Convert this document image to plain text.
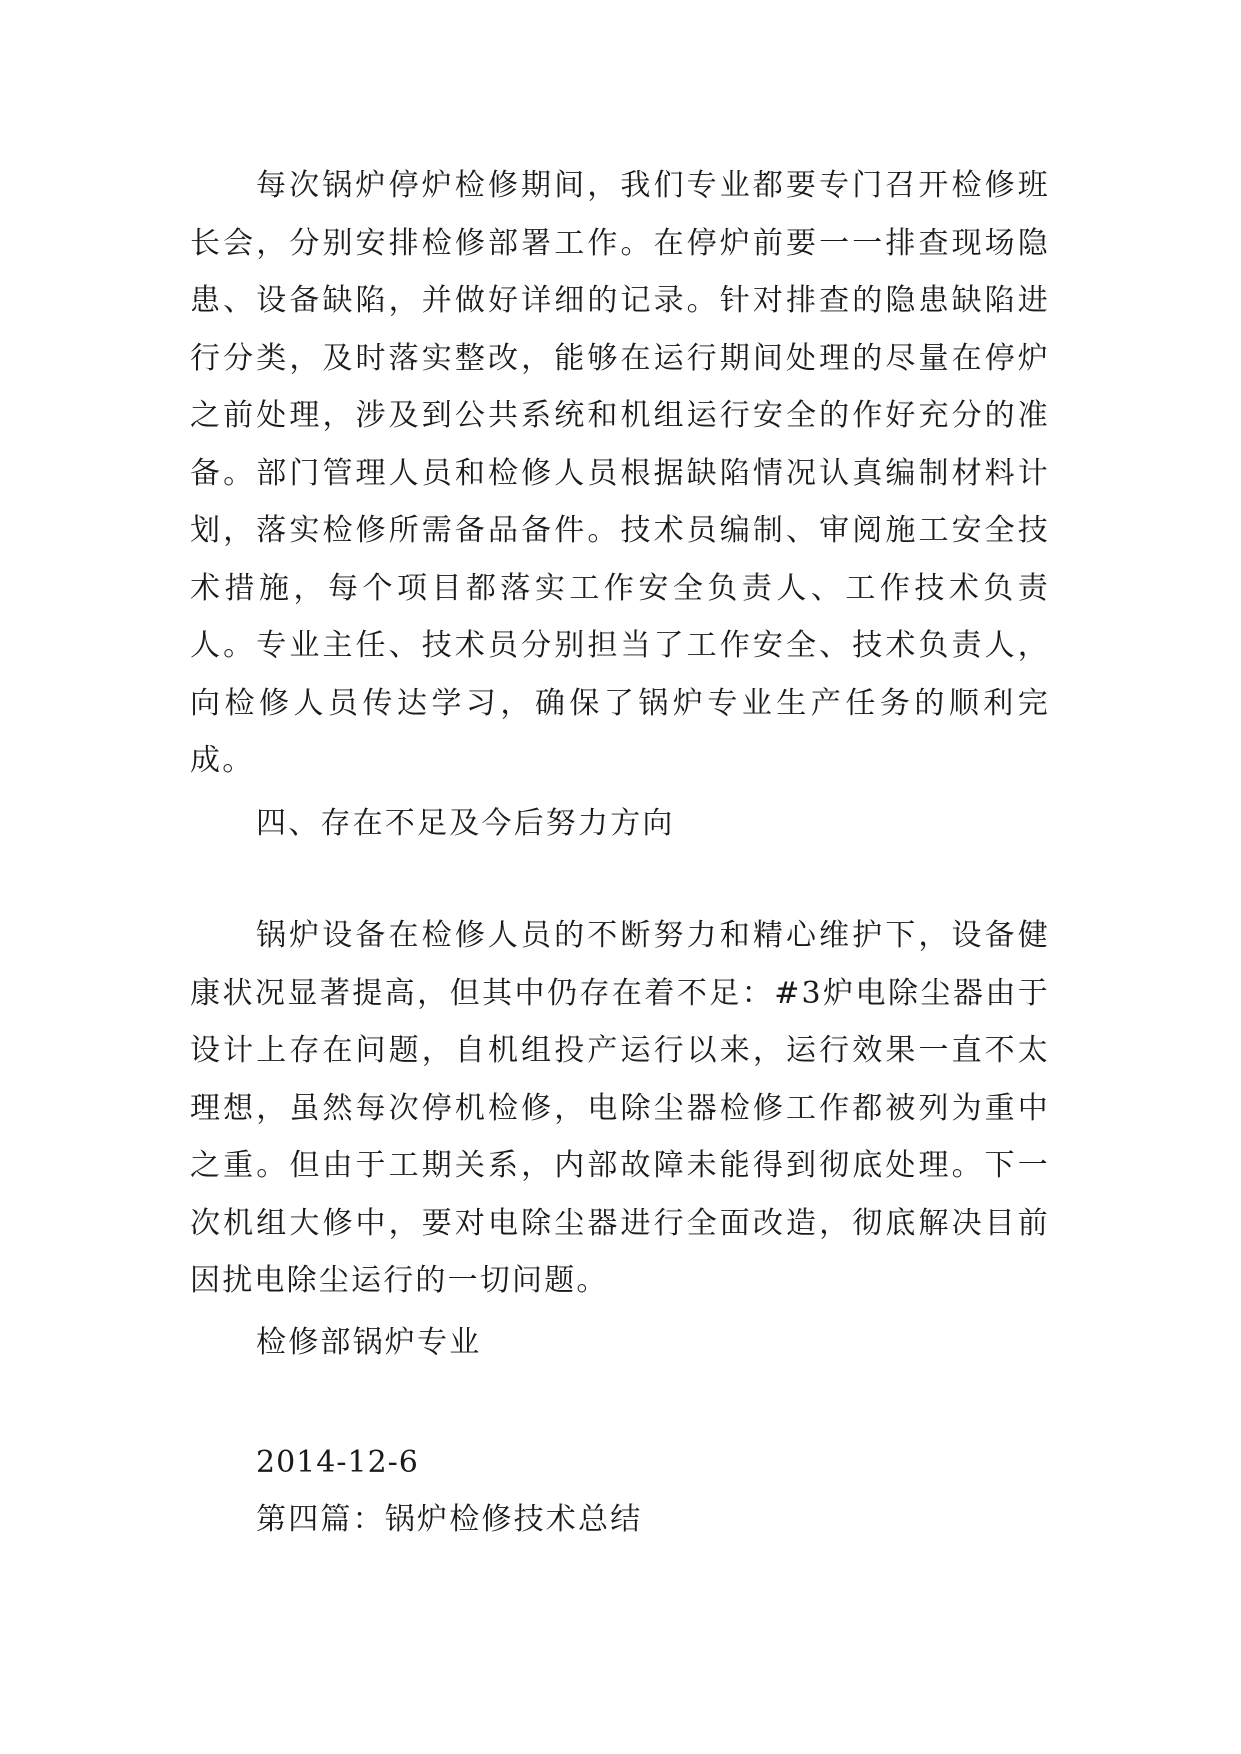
每次锅炉停炉检修期间，我们专业都要专门召开检修班长会，分别安排检修部署工作。在停炉前要一一排查现场隐患、设备缺陷，并做好详细的记录。针对排查的隐患缺陷进行分类，及时落实整改，能够在运行期间处理的尽量在停炉之前处理，涉及到公共系统和机组运行安全的作好充分的准备。部门管理人员和检修人员根据缺陷情况认真编制材料计划，落实检修所需备品备件。技术员编制、审阅施工安全技术措施，每个项目都落实工作安全负责人、工作技术负责人。专业主任、技术员分别担当了工作安全、技术负责人，向检修人员传达学习，确保了锅炉专业生产任务的顺利完成。

四、存在不足及今后努力方向

锅炉设备在检修人员的不断努力和精心维护下，设备健康状况显著提高，但其中仍存在着不足：#3炉电除尘器由于设计上存在问题，自机组投产运行以来，运行效果一直不太理想，虽然每次停机检修，电除尘器检修工作都被列为重中之重。但由于工期关系，内部故障未能得到彻底处理。下一次机组大修中，要对电除尘器进行全面改造，彻底解决目前因扰电除尘运行的一切问题。

检修部锅炉专业

2014-12-6

第四篇：锅炉检修技术总结
